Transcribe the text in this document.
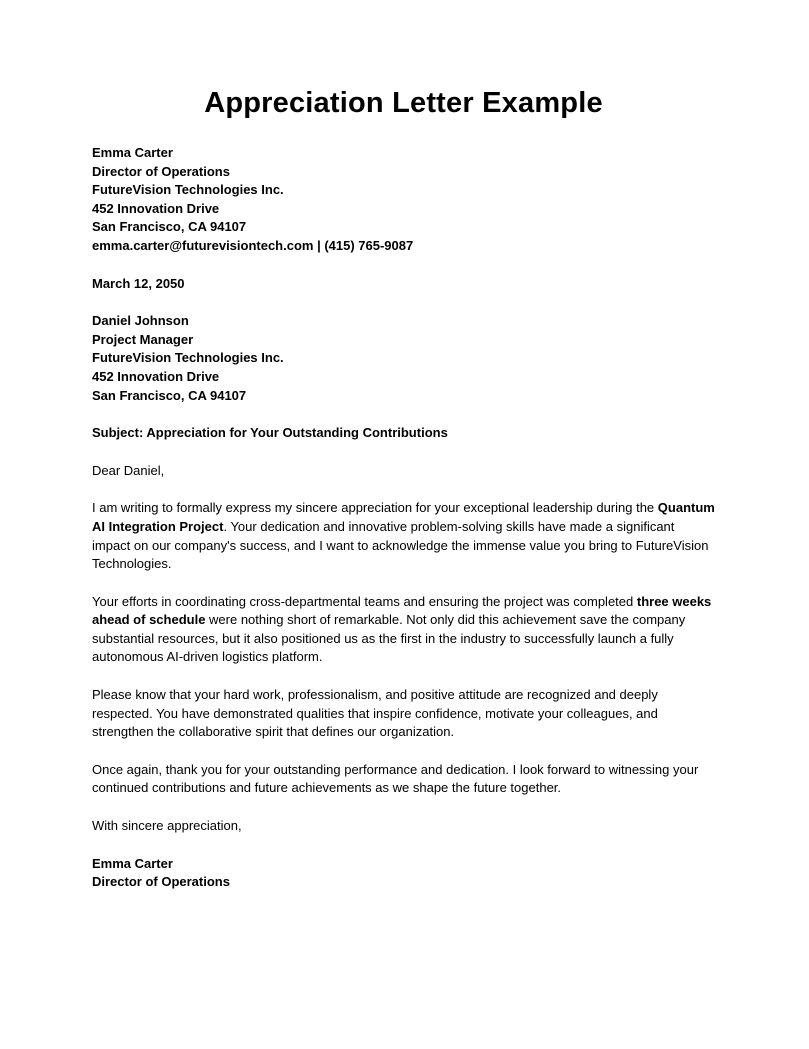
Appreciation Letter Example
Emma Carter
Director of Operations
FutureVision Technologies Inc.
452 Innovation Drive
San Francisco, CA 94107
emma.carter@futurevisiontech.com | (415) 765-9087
March 12, 2050
Daniel Johnson
Project Manager
FutureVision Technologies Inc.
452 Innovation Drive
San Francisco, CA 94107
Subject: Appreciation for Your Outstanding Contributions
Dear Daniel,

I am writing to formally express my sincere appreciation for your exceptional leadership during the Quantum AI Integration Project. Your dedication and innovative problem-solving skills have made a significant impact on our company's success, and I want to acknowledge the immense value you bring to FutureVision Technologies.

Your efforts in coordinating cross-departmental teams and ensuring the project was completed three weeks ahead of schedule were nothing short of remarkable. Not only did this achievement save the company substantial resources, but it also positioned us as the first in the industry to successfully launch a fully autonomous AI-driven logistics platform.

Please know that your hard work, professionalism, and positive attitude are recognized and deeply respected. You have demonstrated qualities that inspire confidence, motivate your colleagues, and strengthen the collaborative spirit that defines our organization.

Once again, thank you for your outstanding performance and dedication. I look forward to witnessing your continued contributions and future achievements as we shape the future together.

With sincere appreciation,
Emma Carter
Director of Operations
